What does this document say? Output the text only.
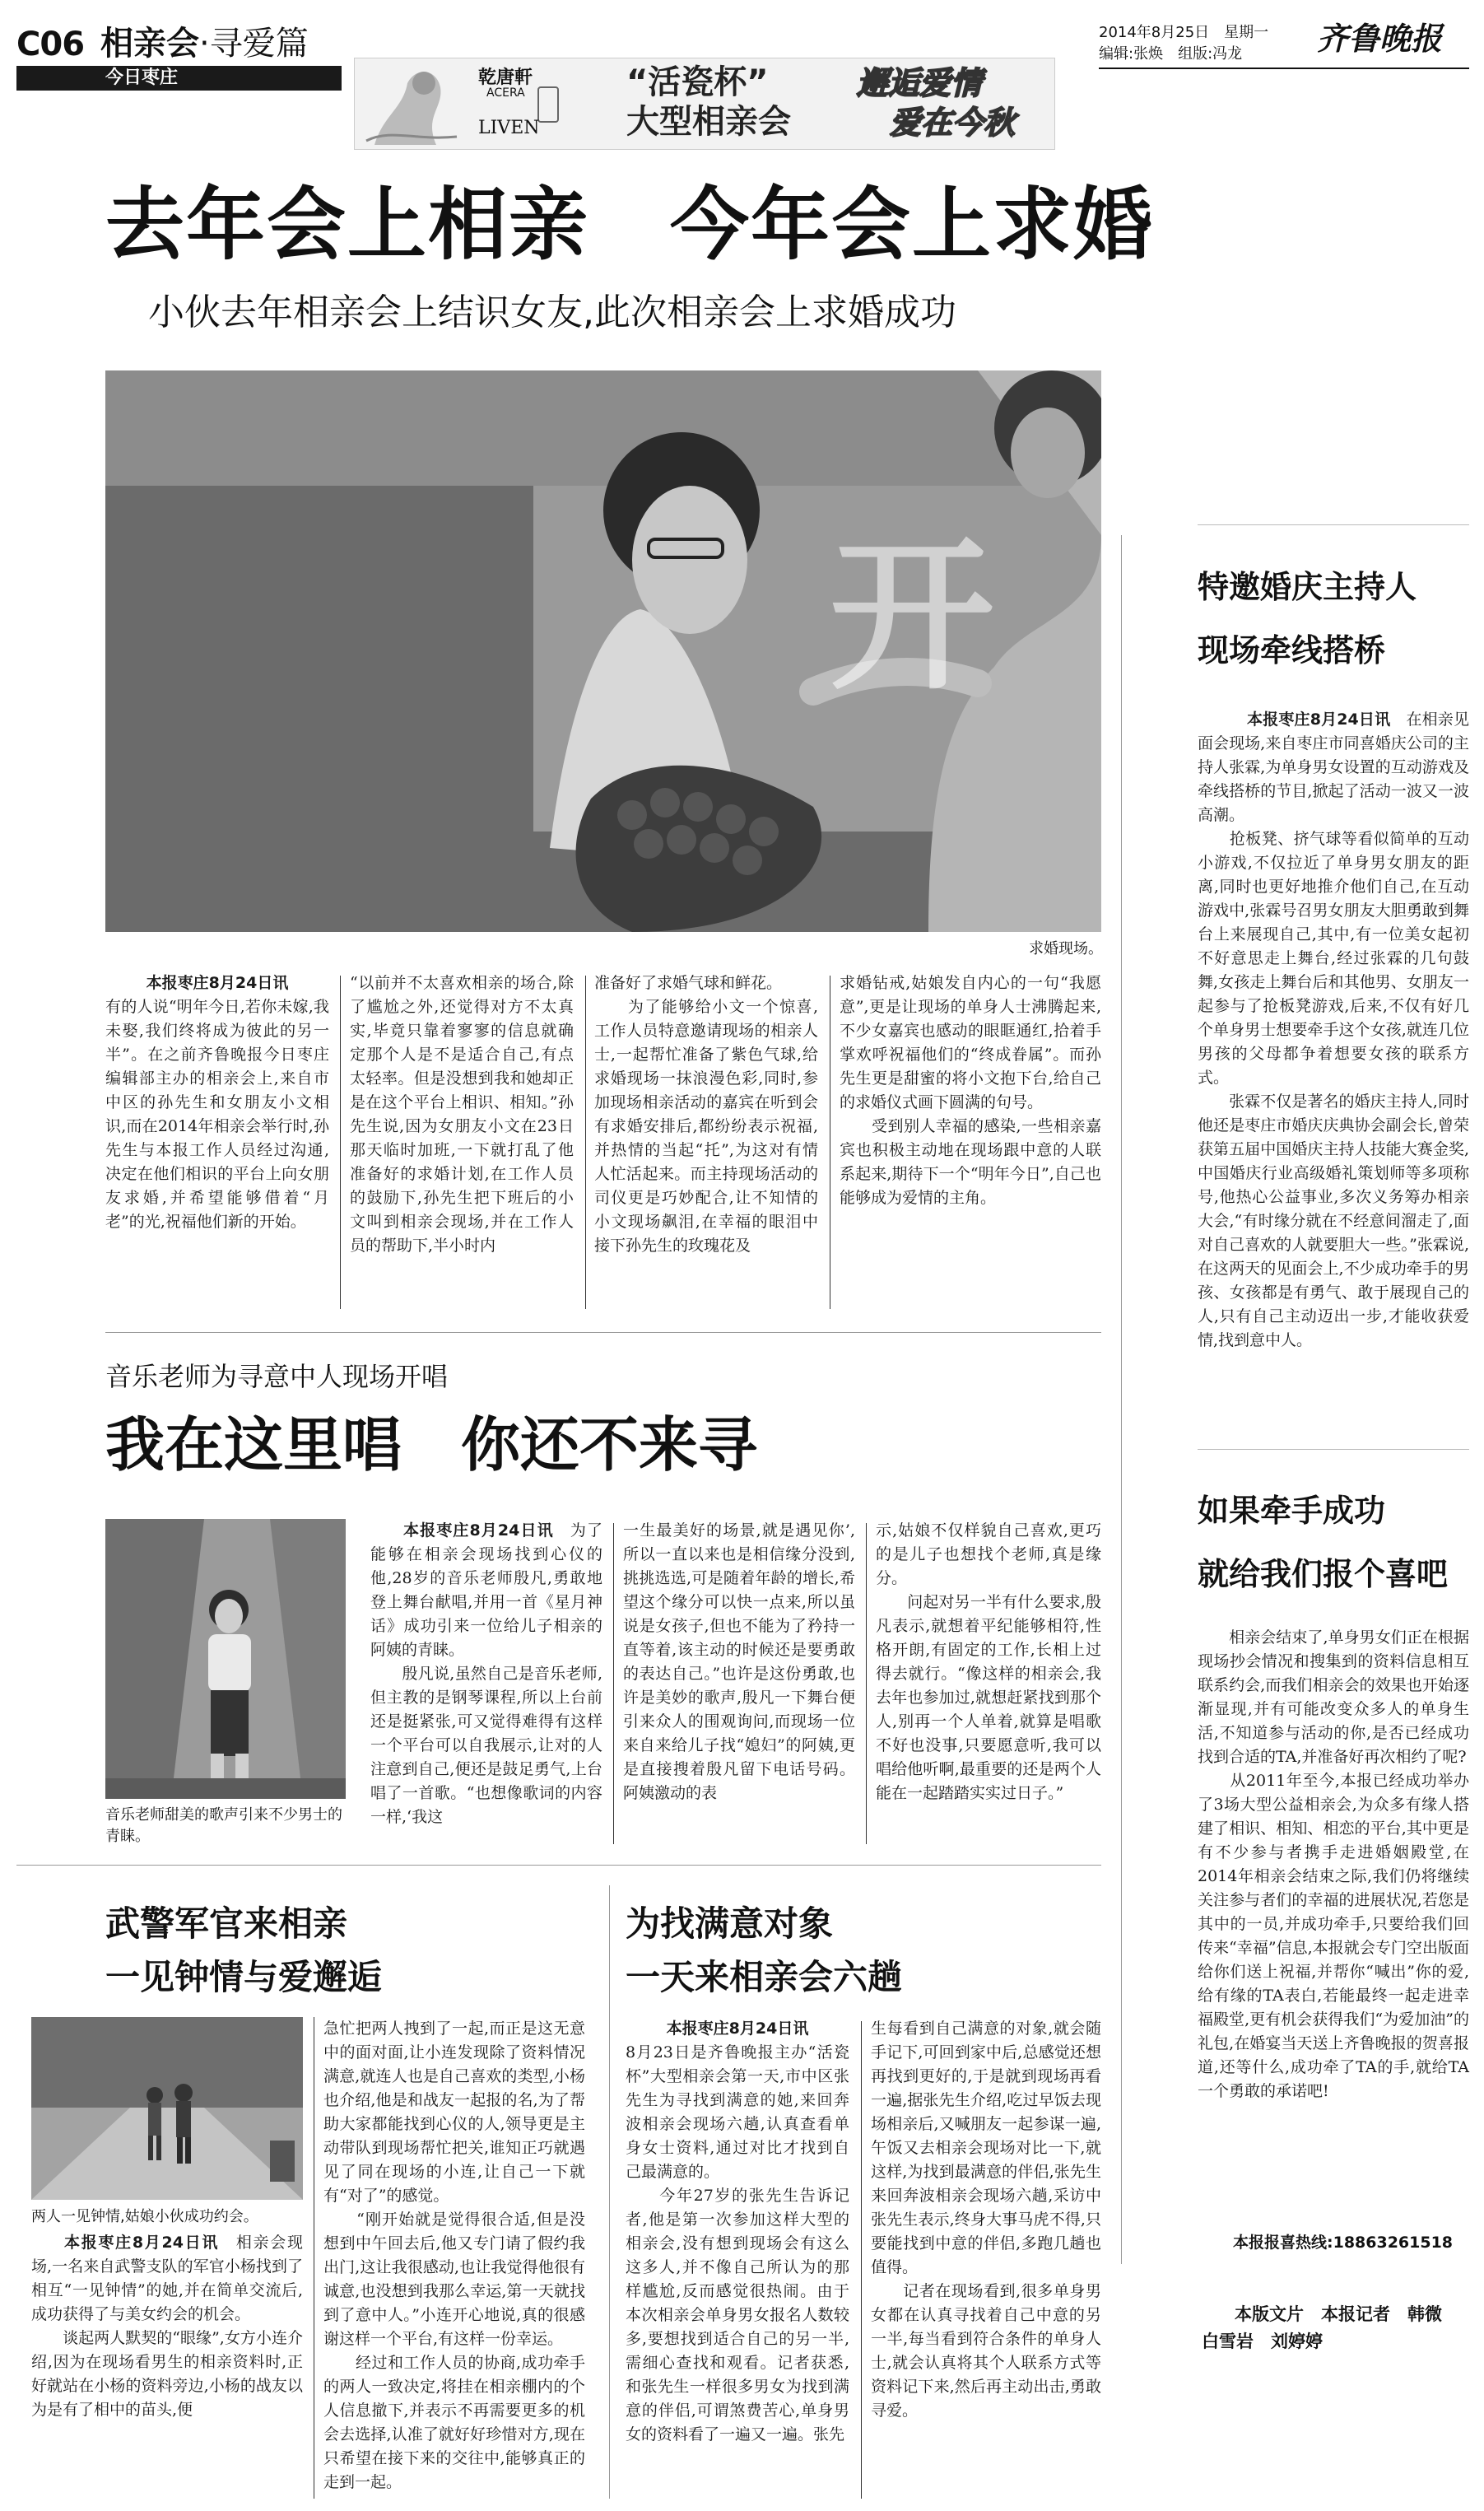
C06 相亲会·寻爱篇
今日枣庄	乾唐軒
ACERA
LIVEN
“活瓷杯”
大型相亲会
邂逅爱情
爱在今秋
2014年8月25日　星期一
编辑:张焕　组版:冯龙 齐鲁晚报
去年会上相亲　今年会上求婚
小伙去年相亲会上结识女友,此次相亲会上求婚成功
开
求婚现场。
本报枣庄8月24日讯
有的人说“明年今日,若你未嫁,我未娶,我们终将成为彼此的另一半”。在之前齐鲁晚报今日枣庄编辑部主办的相亲会上,来自市中区的孙先生和女朋友小文相识,而在2014年相亲会举行时,孙先生与本报工作人员经过沟通,决定在他们相识的平台上向女朋友求婚,并希望能够借着“月老”的光,祝福他们新的开始。
“以前并不太喜欢相亲的场合,除了尴尬之外,还觉得对方不太真实,毕竟只靠着寥寥的信息就确定那个人是不是适合自己,有点太轻率。但是没想到我和她却正是在这个平台上相识、相知。”孙先生说,因为女朋友小文在23日那天临时加班,一下就打乱了他准备好的求婚计划,在工作人员的鼓励下,孙先生把下班后的小文叫到相亲会现场,并在工作人员的帮助下,半小时内
准备好了求婚气球和鲜花。
　　为了能够给小文一个惊喜,工作人员特意邀请现场的相亲人士,一起帮忙准备了紫色气球,给求婚现场一抹浪漫色彩,同时,参加现场相亲活动的嘉宾在听到会有求婚安排后,都纷纷表示祝福,并热情的当起“托”,为这对有情人忙活起来。而主持现场活动的司仪更是巧妙配合,让不知情的小文现场飙泪,在幸福的眼泪中接下孙先生的玫瑰花及
求婚钻戒,姑娘发自内心的一句“我愿意”,更是让现场的单身人士沸腾起来,不少女嘉宾也感动的眼眶通红,拾着手掌欢呼祝福他们的“终成眷属”。而孙先生更是甜蜜的将小文抱下台,给自己的求婚仪式画下圆满的句号。
　　受到别人幸福的感染,一些相亲嘉宾也积极主动地在现场跟中意的人联系起来,期待下一个“明年今日”,自己也能够成为爱情的主角。
特邀婚庆主持人
现场牵线搭桥
本报枣庄8月24日讯　 在相亲见面会现场,来自枣庄市同喜婚庆公司的主持人张霖,为单身男女设置的互动游戏及牵线搭桥的节目,掀起了活动一波又一波高潮。
　　抢板凳、挤气球等看似简单的互动小游戏,不仅拉近了单身男女朋友的距离,同时也更好地推介他们自己,在互动游戏中,张霖号召男女朋友大胆勇敢到舞台上来展现自己,其中,有一位美女起初不好意思走上舞台,经过张霖的几句鼓舞,女孩走上舞台后和其他男、女朋友一起参与了抢板凳游戏,后来,不仅有好几个单身男士想要牵手这个女孩,就连几位男孩的父母都争着想要女孩的联系方式。
　　张霖不仅是著名的婚庆主持人,同时他还是枣庄市婚庆庆典协会副会长,曾荣获第五届中国婚庆主持人技能大赛金奖,中国婚庆行业高级婚礼策划师等多项称号,他热心公益事业,多次义务筹办相亲大会,“有时缘分就在不经意间溜走了,面对自己喜欢的人就要胆大一些。”张霖说,在这两天的见面会上,不少成功牵手的男孩、女孩都是有勇气、敢于展现自己的人,只有自己主动迈出一步,才能收获爱情,找到意中人。
如果牵手成功
就给我们报个喜吧
　　相亲会结束了,单身男女们正在根据现场抄会情况和搜集到的资料信息相互联系约会,而我们相亲会的效果也开始逐渐显现,并有可能改变众多人的单身生活,不知道参与活动的你,是否已经成功找到合适的TA,并准备好再次相约了呢?
　　从2011年至今,本报已经成功举办了3场大型公益相亲会,为众多有缘人搭建了相识、相知、相恋的平台,其中更是有不少参与者携手走进婚姻殿堂,在2014年相亲会结束之际,我们仍将继续关注参与者们的幸福的进展状况,若您是其中的一员,并成功牵手,只要给我们回传来“幸福”信息,本报就会专门空出版面给你们送上祝福,并帮你“喊出”你的爱,给有缘的TA表白,若能最终一起走进幸福殿堂,更有机会获得我们“为爱加油”的礼包,在婚宴当天送上齐鲁晚报的贺喜报道,还等什么,成功牵了TA的手,就给TA一个勇敢的承诺吧!
本报报喜热线:18863261518
本版文片　本报记者　韩微　白雪岩　刘婷婷
音乐老师为寻意中人现场开唱
我在这里唱　你还不来寻
音乐老师甜美的歌声引来不少男士的青睐。
本报枣庄8月24日讯　 为了能够在相亲会现场找到心仪的他,28岁的音乐老师殷凡,勇敢地登上舞台献唱,并用一首《星月神话》成功引来一位给儿子相亲的阿姨的青睐。
　　殷凡说,虽然自己是音乐老师,但主教的是钢琴课程,所以上台前还是挺紧张,可又觉得难得有这样一个平台可以自我展示,让对的人注意到自己,便还是鼓足勇气,上台唱了一首歌。“也想像歌词的内容一样,‘我这
一生最美好的场景,就是遇见你’,所以一直以来也是相信缘分没到,挑挑选选,可是随着年龄的增长,希望这个缘分可以快一点来,所以虽说是女孩子,但也不能为了矜持一直等着,该主动的时候还是要勇敢的表达自己。”也许是这份勇敢,也许是美妙的歌声,殷凡一下舞台便引来众人的围观询问,而现场一位来自来给儿子找“媳妇”的阿姨,更是直接搜着殷凡留下电话号码。阿姨激动的表
示,姑娘不仅样貌自己喜欢,更巧的是儿子也想找个老师,真是缘分。
　　问起对另一半有什么要求,殷凡表示,就想着平纪能够相符,性格开朗,有固定的工作,长相上过得去就行。“像这样的相亲会,我去年也参加过,就想赶紧找到那个人,别再一个人单着,就算是唱歌不好也没事,只要愿意听,我可以唱给他听啊,最重要的还是两个人能在一起踏踏实实过日子。”
武警军官来相亲
一见钟情与爱邂逅
两人一见钟情,姑娘小伙成功约会。
本报枣庄8月24日讯　 相亲会现场,一名来自武警支队的军官小杨找到了相互“一见钟情”的她,并在简单交流后,成功获得了与美女约会的机会。
　　谈起两人默契的“眼缘”,女方小连介绍,因为在现场看男生的相亲资料时,正好就站在小杨的资料旁边,小杨的战友以为是有了相中的苗头,便
急忙把两人拽到了一起,而正是这无意中的面对面,让小连发现除了资料情况满意,就连人也是自己喜欢的类型,小杨也介绍,他是和战友一起报的名,为了帮助大家都能找到心仪的人,领导更是主动带队到现场帮忙把关,谁知正巧就遇见了同在现场的小连,让自己一下就有“对了”的感觉。
　　“刚开始就是觉得很合适,但是没想到中午回去后,他又专门请了假约我出门,这让我很感动,也让我觉得他很有诚意,也没想到我那么幸运,第一天就找到了意中人。”小连开心地说,真的很感谢这样一个平台,有这样一份幸运。
　　经过和工作人员的协商,成功牵手的两人一致决定,将挂在相亲棚内的个人信息撤下,并表示不再需要更多的机会去选择,认准了就好好珍惜对方,现在只希望在接下来的交往中,能够真正的走到一起。
为找满意对象
一天来相亲会六趟
本报枣庄8月24日讯
8月23日是齐鲁晚报主办“活瓷杯”大型相亲会第一天,市中区张先生为寻找到满意的她,来回奔波相亲会现场六趟,认真查看单身女士资料,通过对比才找到自己最满意的。
　　今年27岁的张先生告诉记者,他是第一次参加这样大型的相亲会,没有想到现场会有这么这多人,并不像自己所认为的那样尴尬,反而感觉很热闹。由于本次相亲会单身男女报名人数较多,要想找到适合自己的另一半,需细心查找和观看。记者获悉,和张先生一样很多男女为找到满意的伴侣,可谓煞费苦心,单身男女的资料看了一遍又一遍。张先
生每看到自己满意的对象,就会随手记下,可回到家中后,总感觉还想再找到更好的,于是就到现场再看一遍,据张先生介绍,吃过早饭去现场相亲后,又喊朋友一起参谋一遍,午饭又去相亲会现场对比一下,就这样,为找到最满意的伴侣,张先生来回奔波相亲会现场六趟,采访中张先生表示,终身大事马虎不得,只要能找到中意的伴侣,多跑几趟也值得。
　　记者在现场看到,很多单身男女都在认真寻找着自己中意的另一半,每当看到符合条件的单身人士,就会认真将其个人联系方式等资料记下来,然后再主动出击,勇敢寻爱。
